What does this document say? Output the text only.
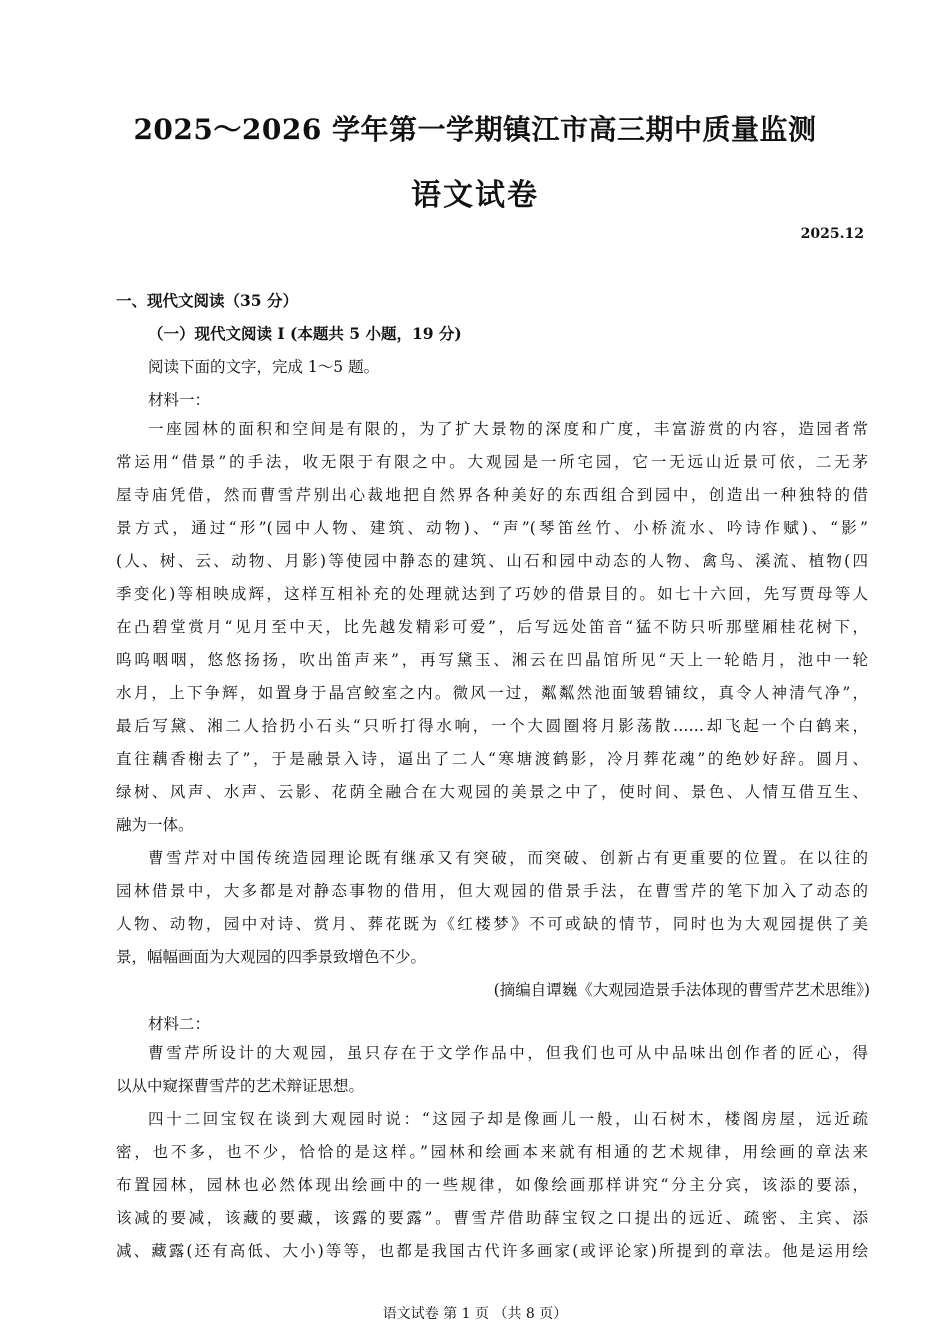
2025～2026 学年第一学期镇江市高三期中质量监测
语文试卷
2025.12
一、现代文阅读（35 分）
（一）现代文阅读 Ⅰ (本题共 5 小题，19 分)
阅读下面的文字，完成 1～5 题。
材料一：
一座园林的面积和空间是有限的，为了扩大景物的深度和广度，丰富游赏的内容，造园者常
常运用“借景”的手法，收无限于有限之中。大观园是一所宅园，它一无远山近景可依，二无茅
屋寺庙凭借，然而曹雪芹别出心裁地把自然界各种美好的东西组合到园中，创造出一种独特的借
景方式，通过“形”(园中人物、建筑、动物)、“声”(琴笛丝竹、小桥流水、吟诗作赋)、“影”
(人、树、云、动物、月影)等使园中静态的建筑、山石和园中动态的人物、禽鸟、溪流、植物(四
季变化)等相映成辉，这样互相补充的处理就达到了巧妙的借景目的。如七十六回，先写贾母等人
在凸碧堂赏月“见月至中天，比先越发精彩可爱”，后写远处笛音“猛不防只听那壁厢桂花树下，
呜呜咽咽，悠悠扬扬，吹出笛声来”，再写黛玉、湘云在凹晶馆所见“天上一轮皓月，池中一轮
水月，上下争辉，如置身于晶宫鲛室之内。微风一过，粼粼然池面皱碧铺纹，真令人神清气净”，
最后写黛、湘二人拾扔小石头“只听打得水响，一个大圆圈将月影荡散……却飞起一个白鹤来，
直往藕香榭去了”，于是融景入诗，逼出了二人“寒塘渡鹤影，冷月葬花魂”的绝妙好辞。圆月、
绿树、风声、水声、云影、花荫全融合在大观园的美景之中了，使时间、景色、人情互借互生、
融为一体。
曹雪芹对中国传统造园理论既有继承又有突破，而突破、创新占有更重要的位置。在以往的
园林借景中，大多都是对静态事物的借用，但大观园的借景手法，在曹雪芹的笔下加入了动态的
人物、动物，园中对诗、赏月、葬花既为《红楼梦》不可或缺的情节，同时也为大观园提供了美
景，幅幅画面为大观园的四季景致增色不少。
(摘编自谭巍《大观园造景手法体现的曹雪芹艺术思维》)
材料二：
曹雪芹所设计的大观园，虽只存在于文学作品中，但我们也可从中品味出创作者的匠心，得
以从中窥探曹雪芹的艺术辩证思想。
四十二回宝钗在谈到大观园时说：“这园子却是像画儿一般，山石树木，楼阁房屋，远近疏
密，也不多，也不少，恰恰的是这样。”园林和绘画本来就有相通的艺术规律，用绘画的章法来
布置园林，园林也必然体现出绘画中的一些规律，如像绘画那样讲究“分主分宾，该添的要添，
该减的要减，该藏的要藏，该露的要露”。曹雪芹借助薛宝钗之口提出的远近、疏密、主宾、添
减、藏露(还有高低、大小)等等，也都是我国古代许多画家(或评论家)所提到的章法。他是运用绘
语文试卷 第 1 页 （共 8 页）
